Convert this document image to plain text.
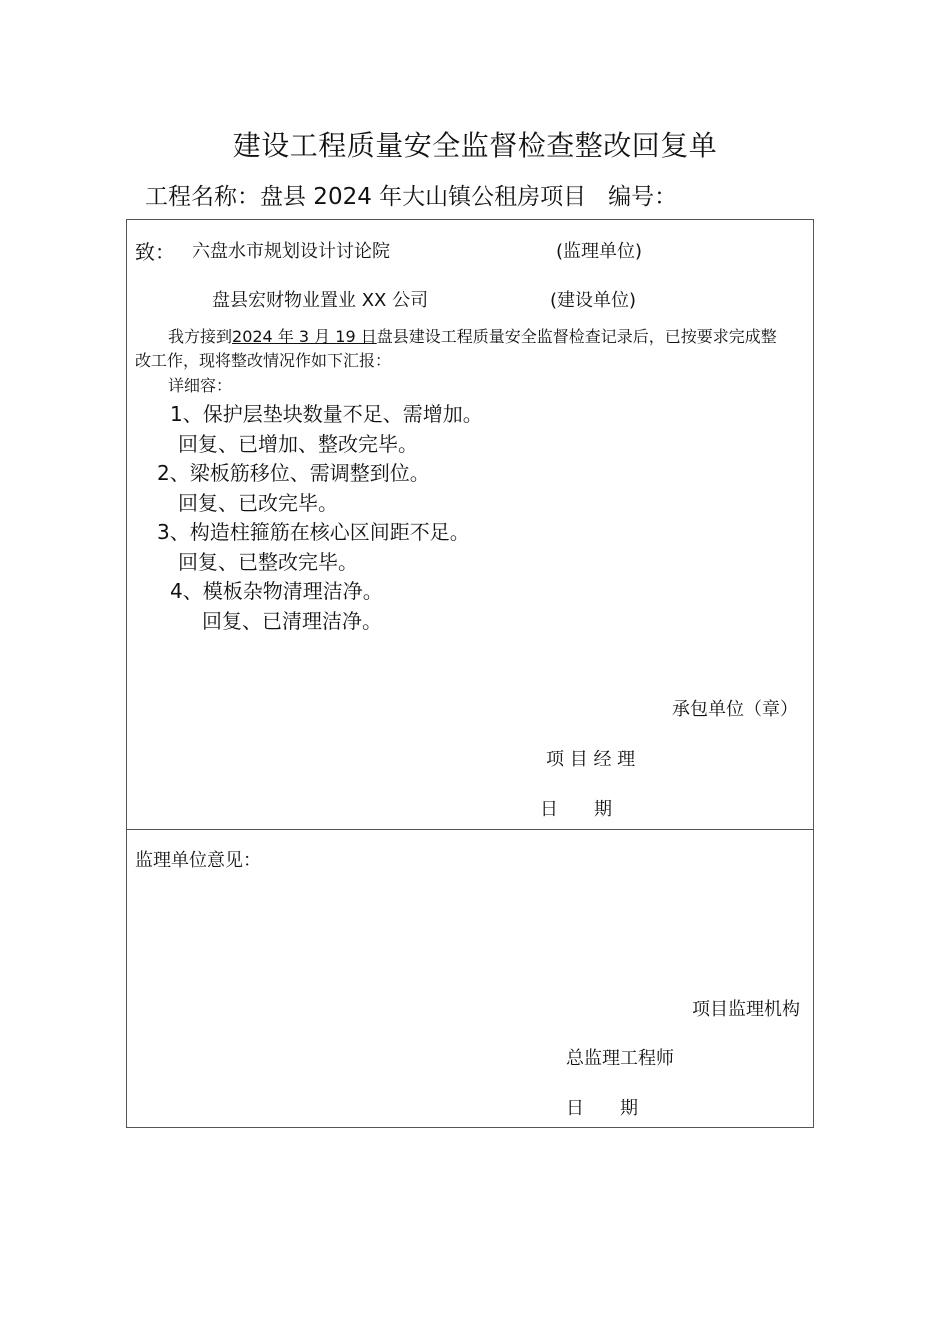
建设工程质量安全监督检查整改回复单
工程名称：盘县 2024 年大山镇公租房项目 编号：
致： 六盘水市规划设计讨论院	(监理单位)
盘县宏财物业置业 XX 公司	(建设单位)
我方接到2024 年 3 月 19 日盘县建设工程质量安全监督检查记录后，已按要求完成整
改工作，现将整改情况作如下汇报：
详细容：
1、保护层垫块数量不足、需增加。
回复、已增加、整改完毕。
2、梁板筋移位、需调整到位。
回复、已改完毕。
3、构造柱箍筋在核心区间距不足。
回复、已整改完毕。
4、模板杂物清理洁净。
回复、已清理洁净。
承包单位（章）
项 目 经 理
日　　期
监理单位意见：
项目监理机构
总监理工程师
日　　期
